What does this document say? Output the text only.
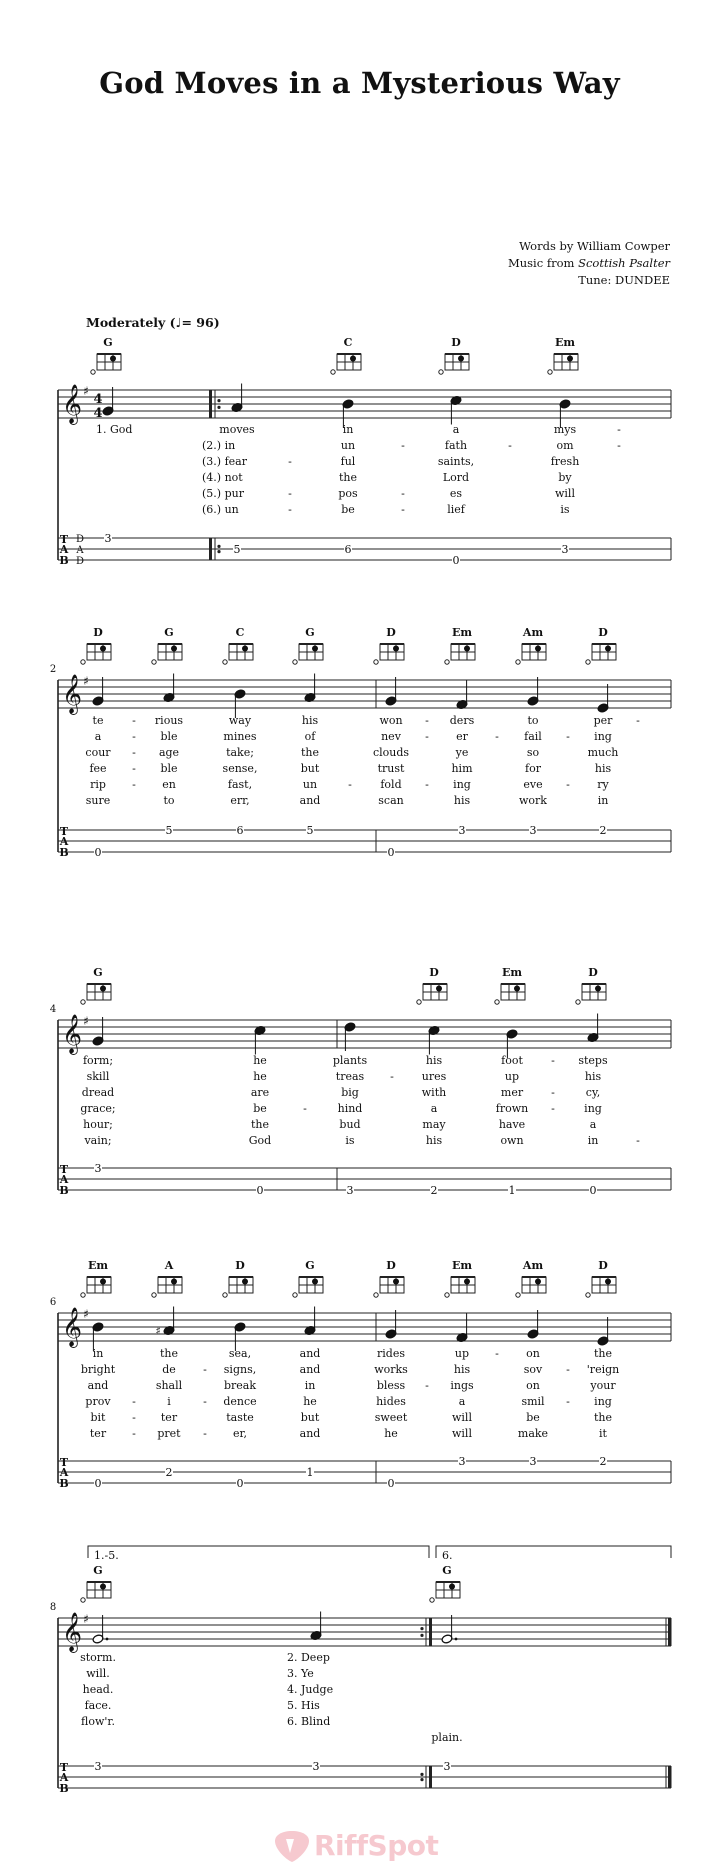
God Moves in a Mysterious Way
Words by William Cowper
Music from Scottish Psalter
Tune: DUNDEE
Moderately (♩= 96)
𝄞 ♯
4
4
T
A
B
D
A
D
G	C	D	Em
1. God	moves	in	a	mys	-
(2.) in	un	-	fath	-	om	-
(3.) fear	-	ful	saints,	fresh
(4.) not	the	Lord	by
(5.) pur	-	pos	-	es	will
(6.) un	-	be	-	lief	is
3
5	6
0
3
𝄞 ♯
T
A
B
2
D	G	C	G	D	Em	Am	D
te	- rious	way	his	won - ders	to	per -
a	- ble	mines	of	nev - er - fail - ing
cour - age	take;	the	clouds	ye	so	much
fee - ble	sense,	but	trust	him	for	his
rip - en	fast,	un	-	fold - ing	eve - ry
sure	to	err,	and	scan	his	work	in
0
5	6	5
0
3	3	2
𝄞 ♯
T
A
B
4
G	D	Em	D
form;	he	plants	his	foot	- steps
skill	he	treas -	ures	up	his
dread	are	big	with	mer	-	cy,
grace;	be	-	hind	a	frown -	ing
hour;	the	bud	may	have	a
vain;	God	is	his	own	in	-
3
0	3	2	1	0
𝄞 ♯
T
A
B
6
Em	A	D	G	D	Em	Am	D
♯
in	the	sea,	and	rides	up - on	the
bright	de - signs,	and	works	his	sov - 'reign
and	shall	break	in	bless - ings	on	your
prov -	i	- dence	he	hides	a	smil - ing
bit - ter	taste	but	sweet	will	be	the
ter - pret - er,	and	he	will	make	it
0
2
0
1
0
3	3	2
𝄞 ♯
T
A
B
8
1.-5.	6.
G	G
storm.	2. Deep
will.	3. Ye
head.	4. Judge
face.	5. His
flow'r.	6. Blind
plain.
3	3	3
RiffSpot
